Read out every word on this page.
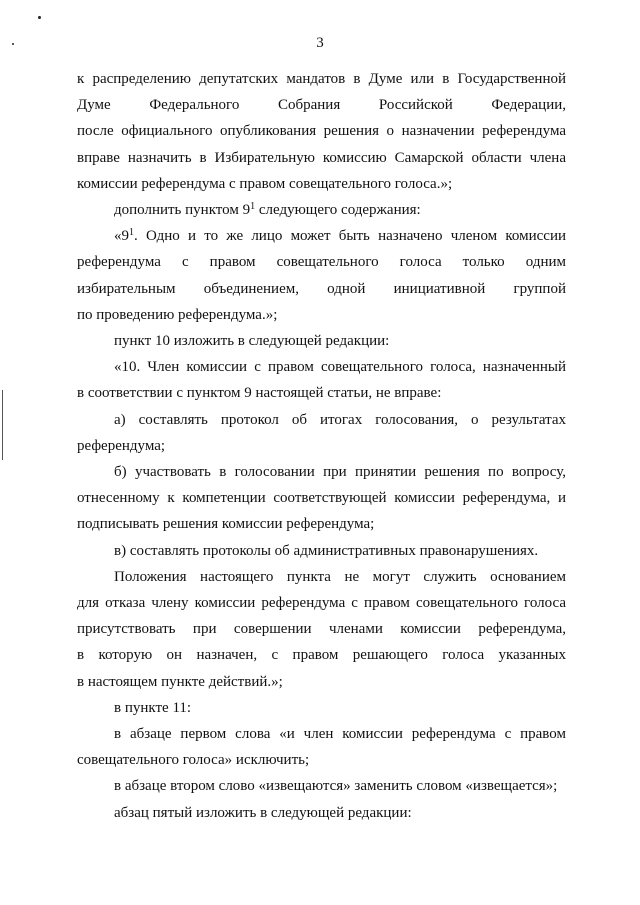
3

к распределению депутатских мандатов в Думе или в Государственной
Думе Федерального Собрания Российской Федерации,
после официального опубликования решения о назначении референдума
вправе назначить в Избирательную комиссию Самарской области члена
комиссии референдума с правом совещательного голоса.»;

дополнить пунктом $9^1$ следующего содержания:

«$9^1$. Одно и то же лицо может быть назначено членом комиссии
референдума с правом совещательного голоса только одним
избирательным объединением, одной инициативной группой
по проведению референдума.»;

пункт 10 изложить в следующей редакции:

«10. Член комиссии с правом совещательного голоса, назначенный
в соответствии с пунктом 9 настоящей статьи, не вправе:

а) составлять протокол об итогах голосования, о результатах
референдума;

б) участвовать в голосовании при принятии решения по вопросу,
отнесенному к компетенции соответствующей комиссии референдума, и
подписывать решения комиссии референдума;

в) составлять протоколы об административных правонарушениях.

Положения настоящего пункта не могут служить основанием
для отказа члену комиссии референдума с правом совещательного голоса
присутствовать при совершении членами комиссии референдума,
в которую он назначен, с правом решающего голоса указанных
в настоящем пункте действий.»;

в пункте 11:

в абзаце первом слова «и член комиссии референдума с правом
совещательного голоса» исключить;

в абзаце втором слово «извещаются» заменить словом «извещается»;

абзац пятый изложить в следующей редакции:
